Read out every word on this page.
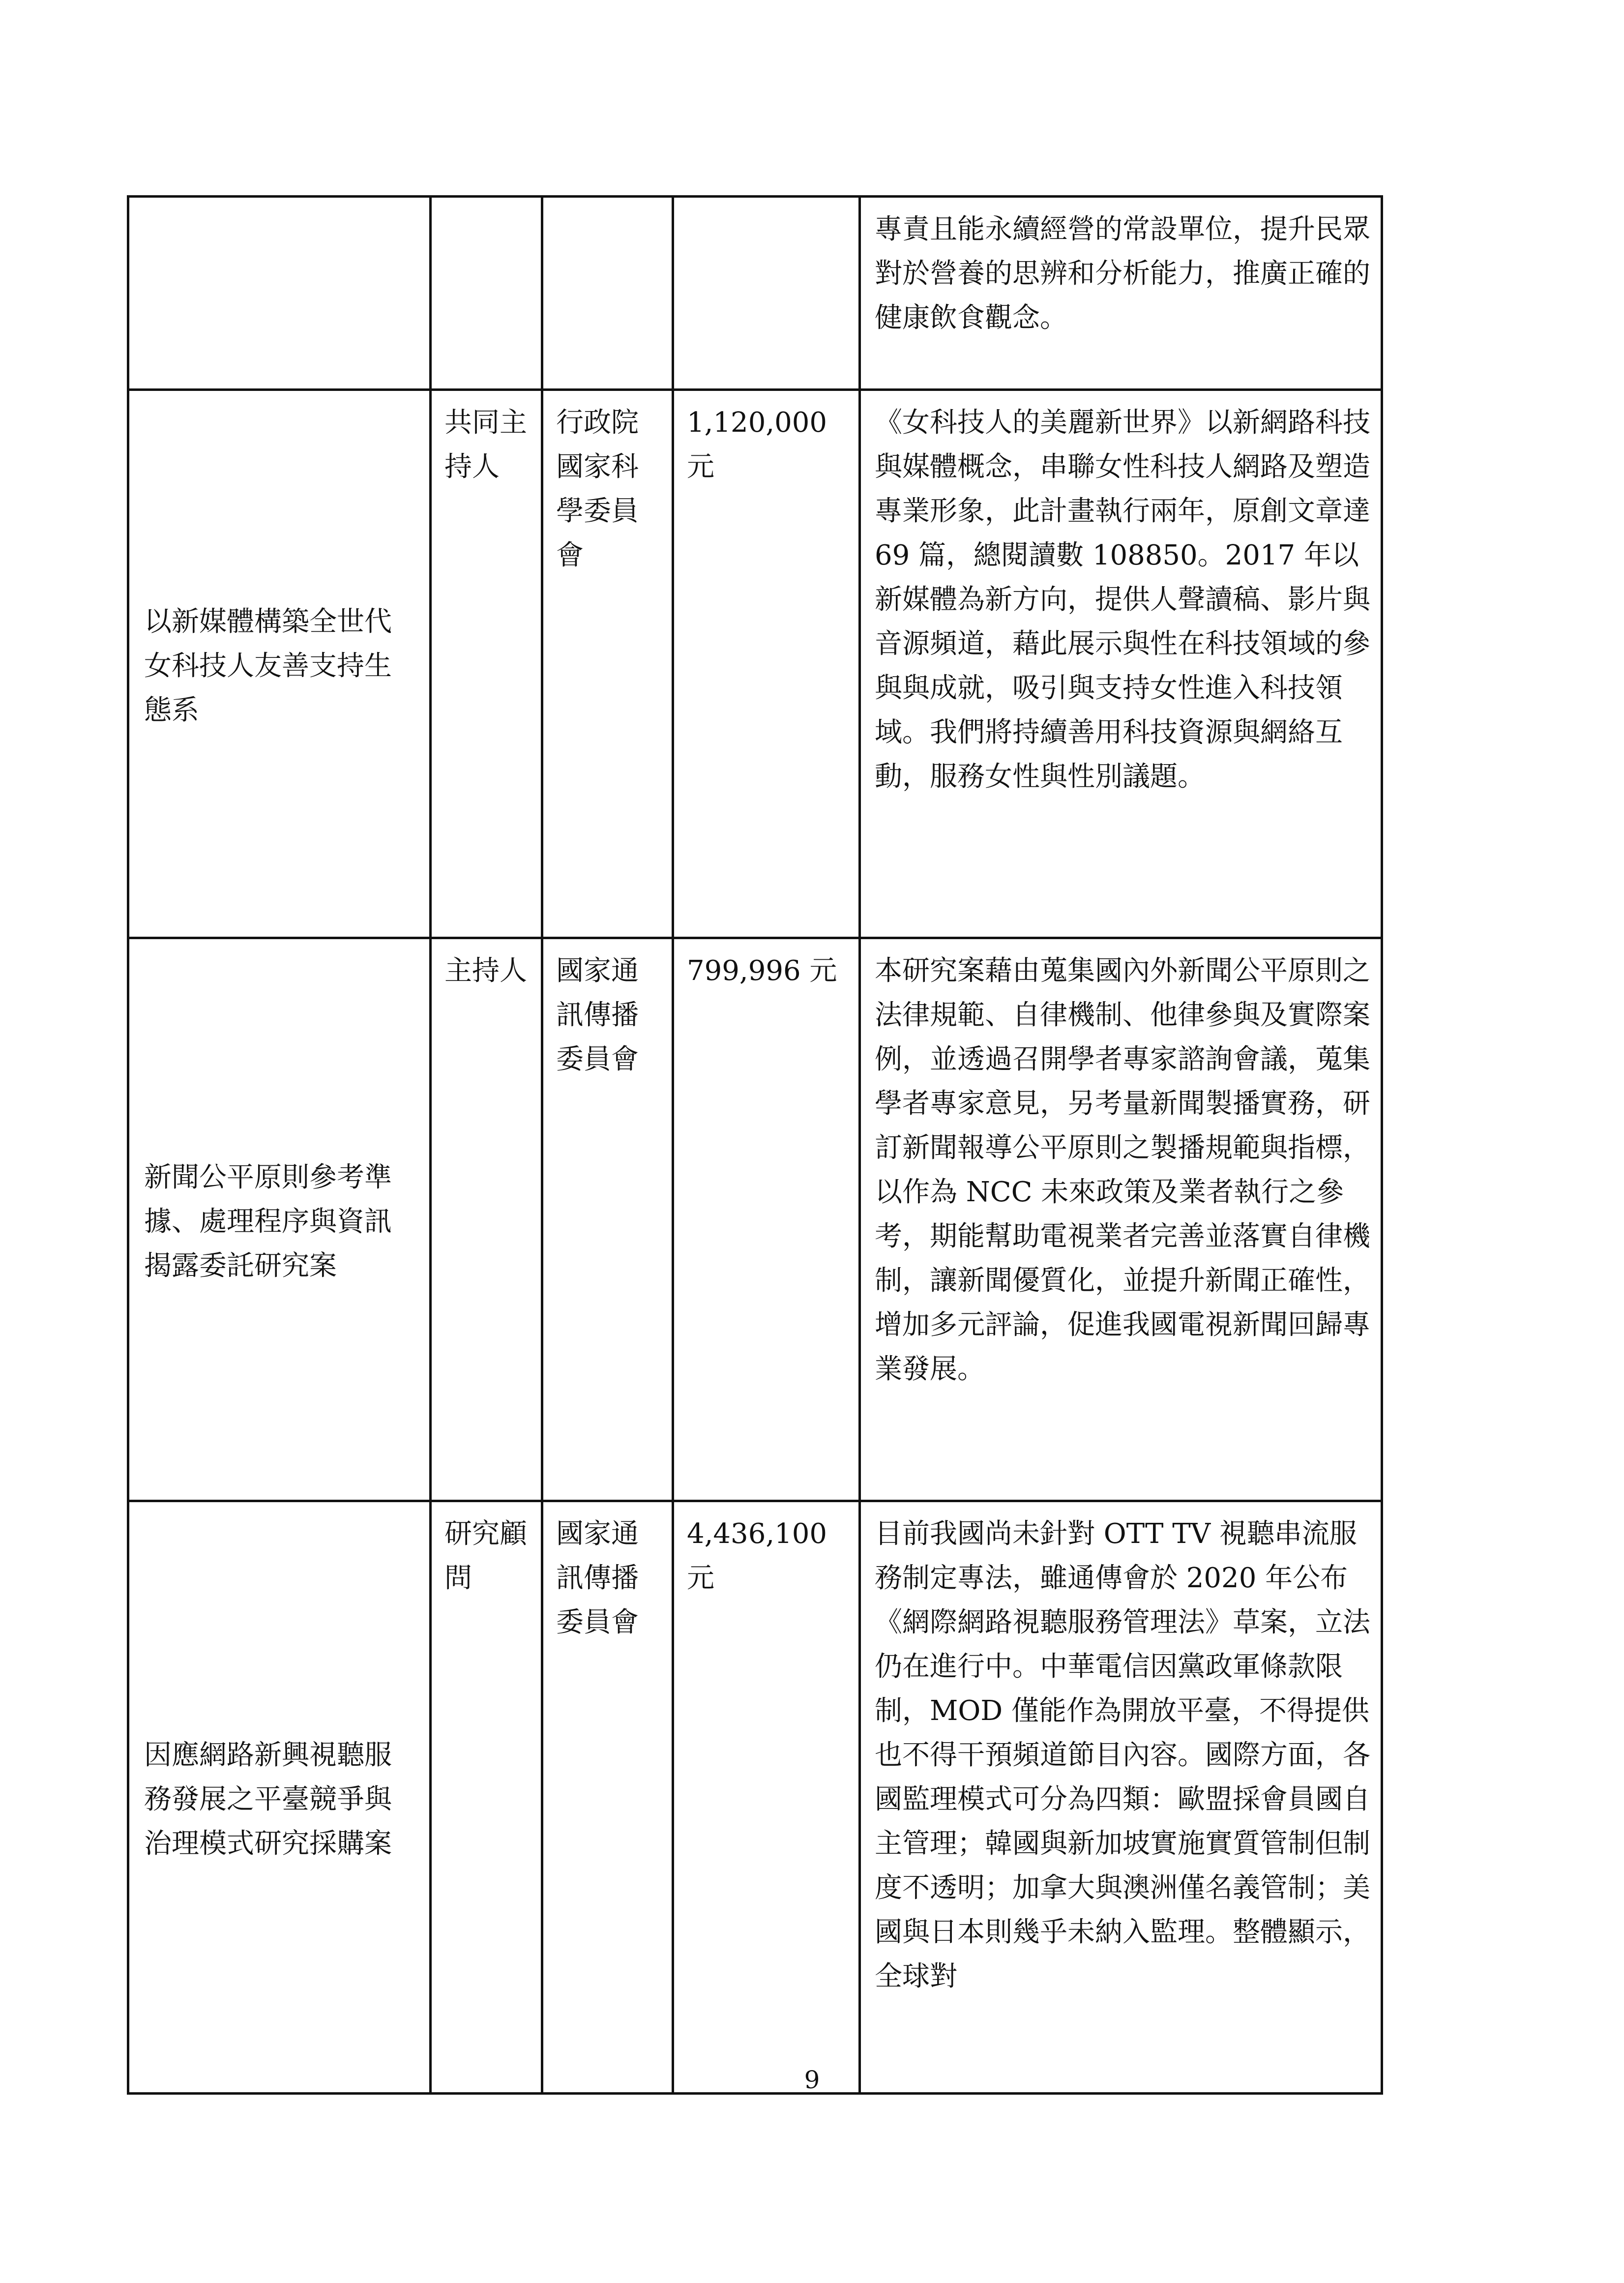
				專責且能永續經營的常設單位，提升民眾對於營養的思辨和分析能力，推廣正確的健康飲食觀念。
以新媒體構築全世代女科技人友善支持生態系	共同主持人	行政院國家科學委員會	1,120,000元	《女科技人的美麗新世界》以新網路科技與媒體概念，串聯女性科技人網路及塑造專業形象，此計畫執行兩年，原創文章達 69 篇，總閱讀數 108850。2017 年以新媒體為新方向，提供人聲讀稿、影片與音源頻道，藉此展示與性在科技領域的參與與成就，吸引與支持女性進入科技領域。我們將持續善用科技資源與網絡互動，服務女性與性別議題。
新聞公平原則參考準據、處理程序與資訊揭露委託研究案	主持人	國家通訊傳播委員會	799,996 元	本研究案藉由蒐集國內外新聞公平原則之法律規範、自律機制、他律參與及實際案例，並透過召開學者專家諮詢會議，蒐集學者專家意見，另考量新聞製播實務，研訂新聞報導公平原則之製播規範與指標，以作為 NCC 未來政策及業者執行之參考，期能幫助電視業者完善並落實自律機制，讓新聞優質化，並提升新聞正確性，增加多元評論，促進我國電視新聞回歸專業發展。
因應網路新興視聽服務發展之平臺競爭與治理模式研究採購案	研究顧問	國家通訊傳播委員會	4,436,100元	目前我國尚未針對 OTT TV 視聽串流服務制定專法，雖通傳會於 2020 年公布《網際網路視聽服務管理法》草案，立法仍在進行中。中華電信因黨政軍條款限制，MOD 僅能作為開放平臺，不得提供也不得干預頻道節目內容。國際方面，各國監理模式可分為四類：歐盟採會員國自主管理；韓國與新加坡實施實質管制但制度不透明；加拿大與澳洲僅名義管制；美國與日本則幾乎未納入監理。整體顯示，全球對
9
